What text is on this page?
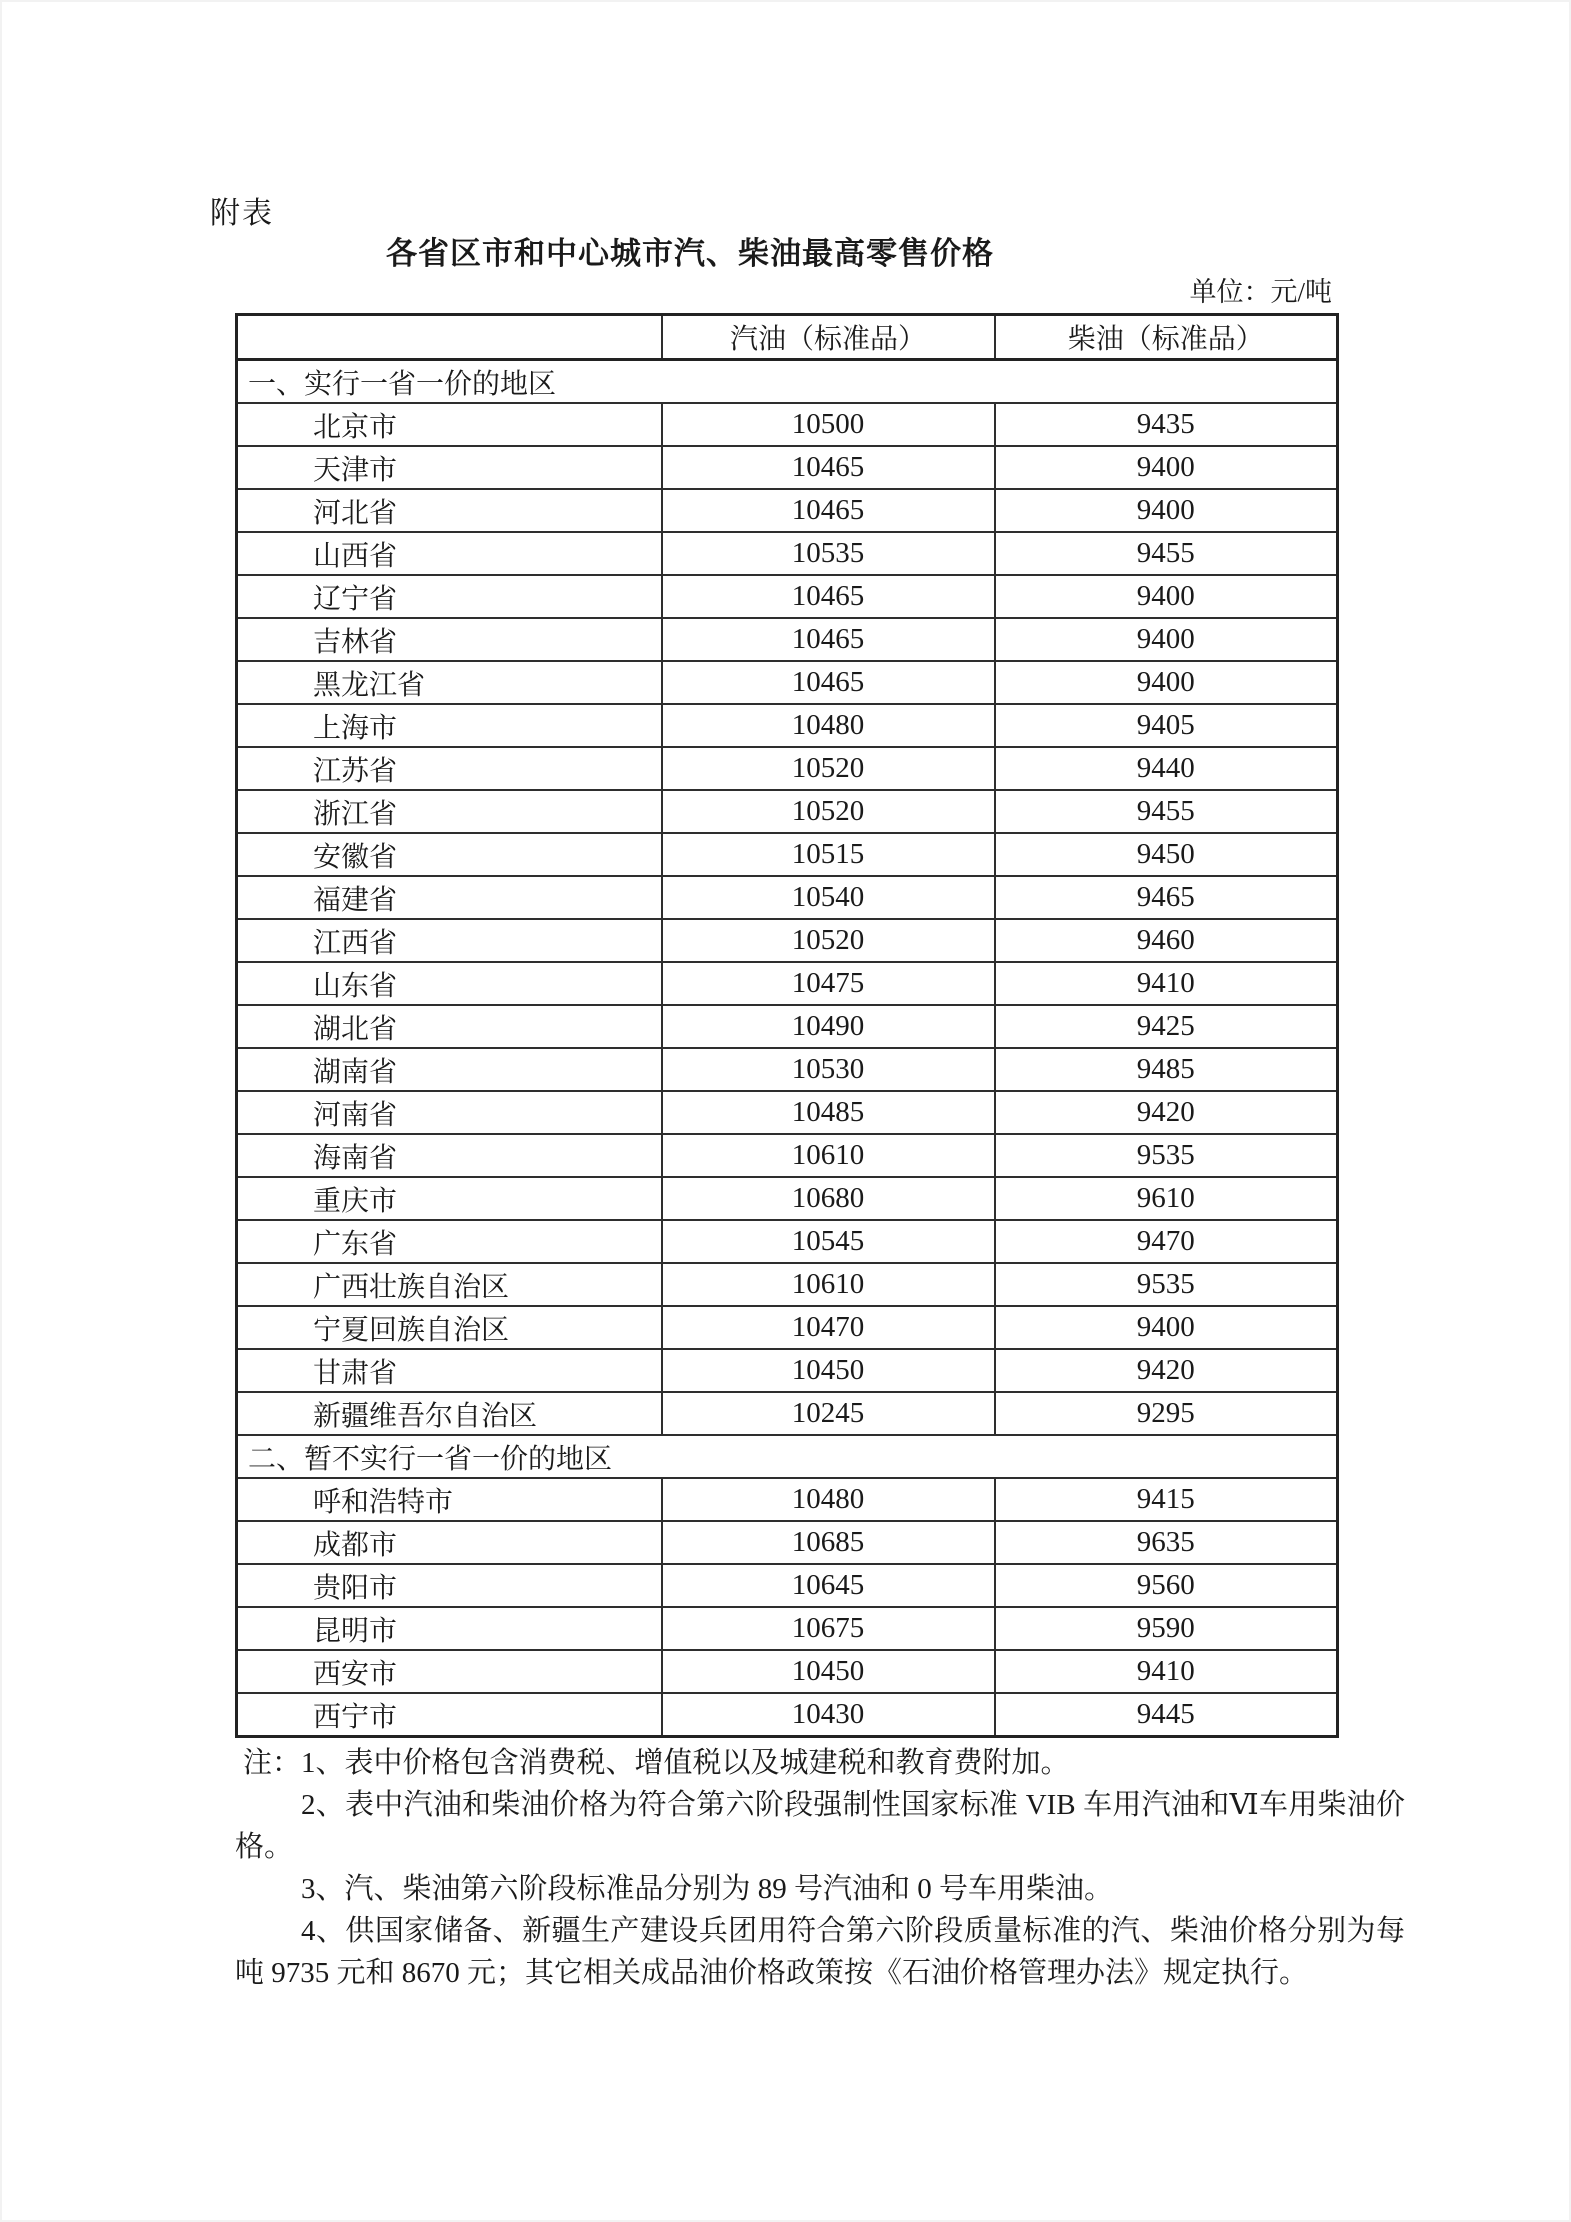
附表
各省区市和中心城市汽、柴油最高零售价格
单位：元/吨
	汽油（标准品）	柴油（标准品）
一、实行一省一价的地区		
北京市	10500	9435
天津市	10465	9400
河北省	10465	9400
山西省	10535	9455
辽宁省	10465	9400
吉林省	10465	9400
黑龙江省	10465	9400
上海市	10480	9405
江苏省	10520	9440
浙江省	10520	9455
安徽省	10515	9450
福建省	10540	9465
江西省	10520	9460
山东省	10475	9410
湖北省	10490	9425
湖南省	10530	9485
河南省	10485	9420
海南省	10610	9535
重庆市	10680	9610
广东省	10545	9470
广西壮族自治区	10610	9535
宁夏回族自治区	10470	9400
甘肃省	10450	9420
新疆维吾尔自治区	10245	9295
二、暂不实行一省一价的地区		
呼和浩特市	10480	9415
成都市	10685	9635
贵阳市	10645	9560
昆明市	10675	9590
西安市	10450	9410
西宁市	10430	9445
注：1、表中价格包含消费税、增值税以及城建税和教育费附加。
2、表中汽油和柴油价格为符合第六阶段强制性国家标准 VIB 车用汽油和Ⅵ车用柴油价
格。
3、汽、柴油第六阶段标准品分别为 89 号汽油和 0 号车用柴油。
4、供国家储备、新疆生产建设兵团用符合第六阶段质量标准的汽、柴油价格分别为每
吨 9735 元和 8670 元；其它相关成品油价格政策按《石油价格管理办法》规定执行。
